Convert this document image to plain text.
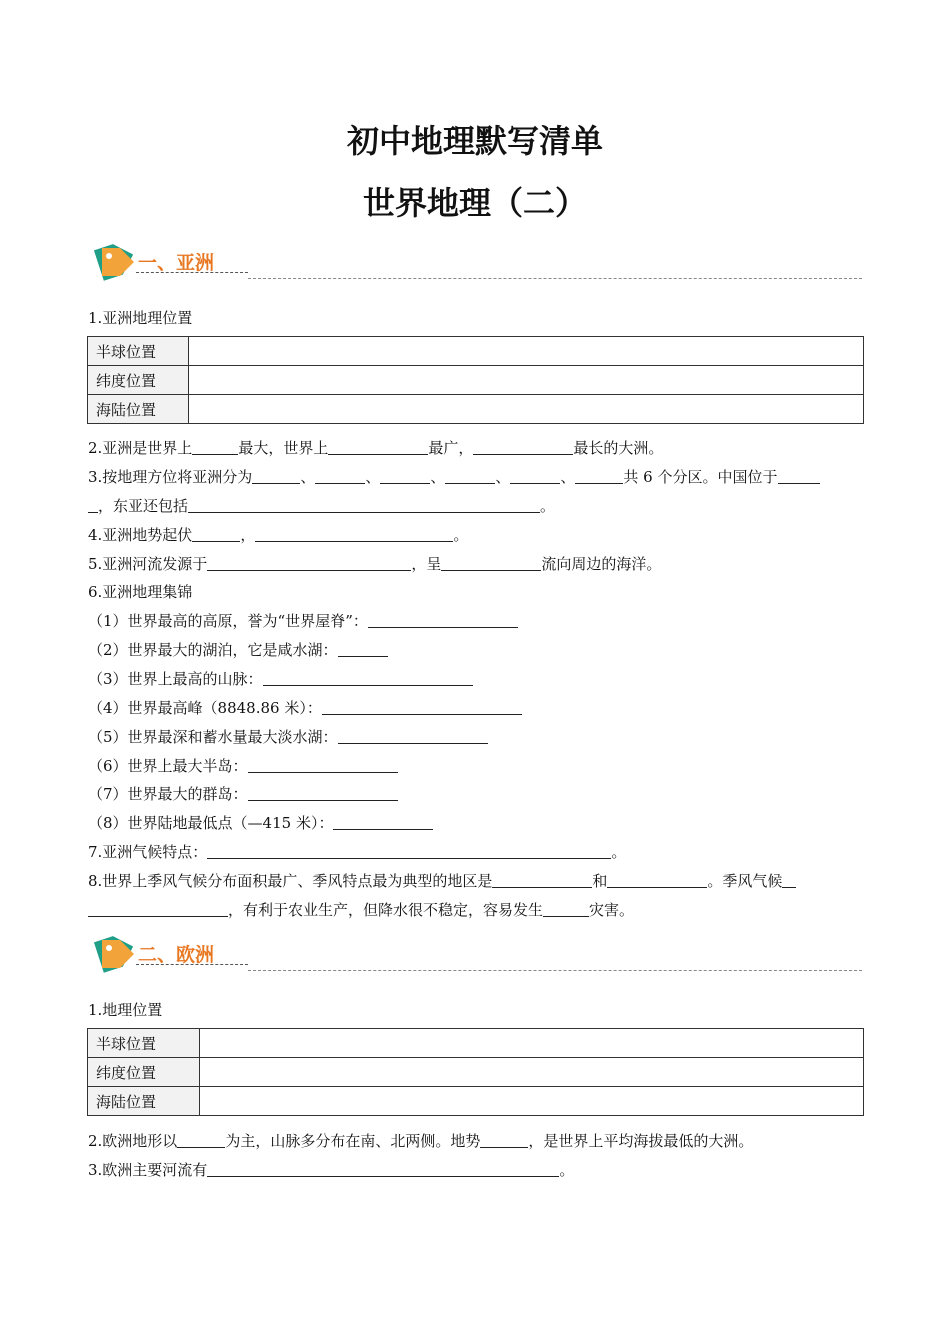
初中地理默写清单
世界地理（二）
一、亚洲
1.亚洲地理位置
半球位置	
纬度位置	
海陆位置	
2.亚洲是世界上	最大，世界上	最广，	最长的大洲。
3.按地理方位将亚洲分为	、	、	、	、	、	共 6 个分区。中国位于
，东亚还包括	。
4.亚洲地势起伏	，	。
5.亚洲河流发源于	，呈	流向周边的海洋。
6.亚洲地理集锦
（1）世界最高的高原，誉为“世界屋脊”：
（2）世界最大的湖泊，它是咸水湖：
（3）世界上最高的山脉：
（4）世界最高峰（8848.86 米）：
（5）世界最深和蓄水量最大淡水湖：
（6）世界上最大半岛：
（7）世界最大的群岛：
（8）世界陆地最低点（—415 米）：
7.亚洲气候特点：	。
8.世界上季风气候分布面积最广、季风特点最为典型的地区是	和	。季风气候
，有利于农业生产，但降水很不稳定，容易发生	灾害。
二、欧洲
1.地理位置
半球位置	
纬度位置	
海陆位置	
2.欧洲地形以	为主，山脉多分布在南、北两侧。地势	，是世界上平均海拔最低的大洲。
3.欧洲主要河流有	。
